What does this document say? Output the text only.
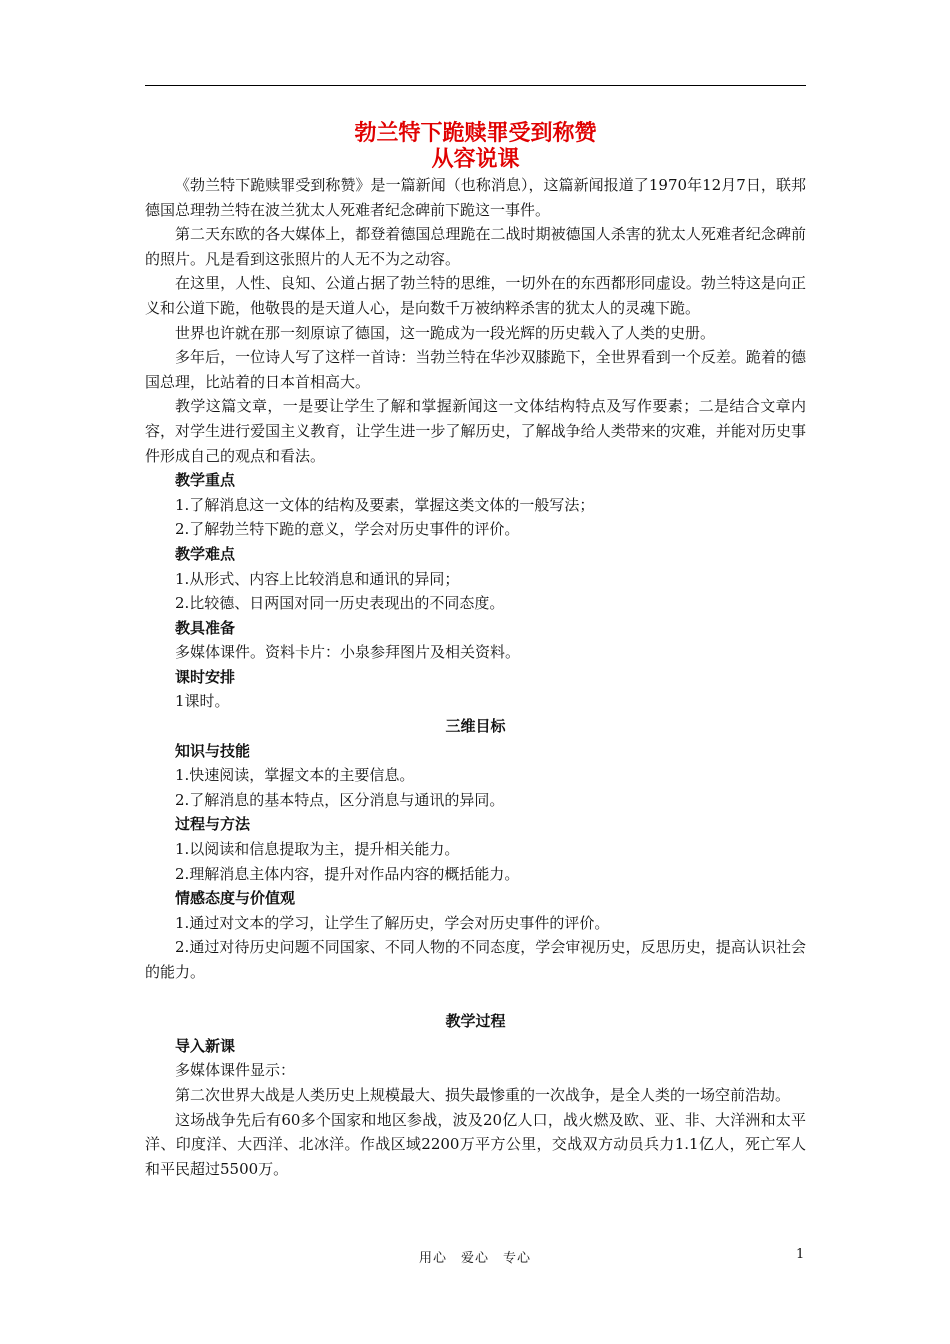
勃兰特下跪赎罪受到称赞
从容说课

《勃兰特下跪赎罪受到称赞》是一篇新闻（也称消息），这篇新闻报道了1970年12月7日，联邦德国总理勃兰特在波兰犹太人死难者纪念碑前下跪这一事件。

第二天东欧的各大媒体上，都登着德国总理跪在二战时期被德国人杀害的犹太人死难者纪念碑前的照片。凡是看到这张照片的人无不为之动容。

在这里，人性、良知、公道占据了勃兰特的思维，一切外在的东西都形同虚设。勃兰特这是向正义和公道下跪，他敬畏的是天道人心，是向数千万被纳粹杀害的犹太人的灵魂下跪。

世界也许就在那一刻原谅了德国，这一跪成为一段光辉的历史载入了人类的史册。

多年后，一位诗人写了这样一首诗：当勃兰特在华沙双膝跪下，全世界看到一个反差。跪着的德国总理，比站着的日本首相高大。

教学这篇文章，一是要让学生了解和掌握新闻这一文体结构特点及写作要素；二是结合文章内容，对学生进行爱国主义教育，让学生进一步了解历史，了解战争给人类带来的灾难，并能对历史事件形成自己的观点和看法。

教学重点

1.了解消息这一文体的结构及要素，掌握这类文体的一般写法；

2.了解勃兰特下跪的意义，学会对历史事件的评价。

教学难点

1.从形式、内容上比较消息和通讯的异同；

2.比较德、日两国对同一历史表现出的不同态度。

教具准备

多媒体课件。资料卡片：小泉参拜图片及相关资料。

课时安排

1课时。

三维目标

知识与技能

1.快速阅读，掌握文本的主要信息。

2.了解消息的基本特点，区分消息与通讯的异同。

过程与方法

1.以阅读和信息提取为主，提升相关能力。

2.理解消息主体内容，提升对作品内容的概括能力。

情感态度与价值观

1.通过对文本的学习，让学生了解历史，学会对历史事件的评价。

2.通过对待历史问题不同国家、不同人物的不同态度，学会审视历史，反思历史，提高认识社会的能力。

教学过程

导入新课

多媒体课件显示：

第二次世界大战是人类历史上规模最大、损失最惨重的一次战争，是全人类的一场空前浩劫。

这场战争先后有60多个国家和地区参战，波及20亿人口，战火燃及欧、亚、非、大洋洲和太平洋、印度洋、大西洋、北冰洋。作战区域2200万平方公里，交战双方动员兵力1.1亿人，死亡军人和平民超过5500万。

用心　爱心　专心	1
